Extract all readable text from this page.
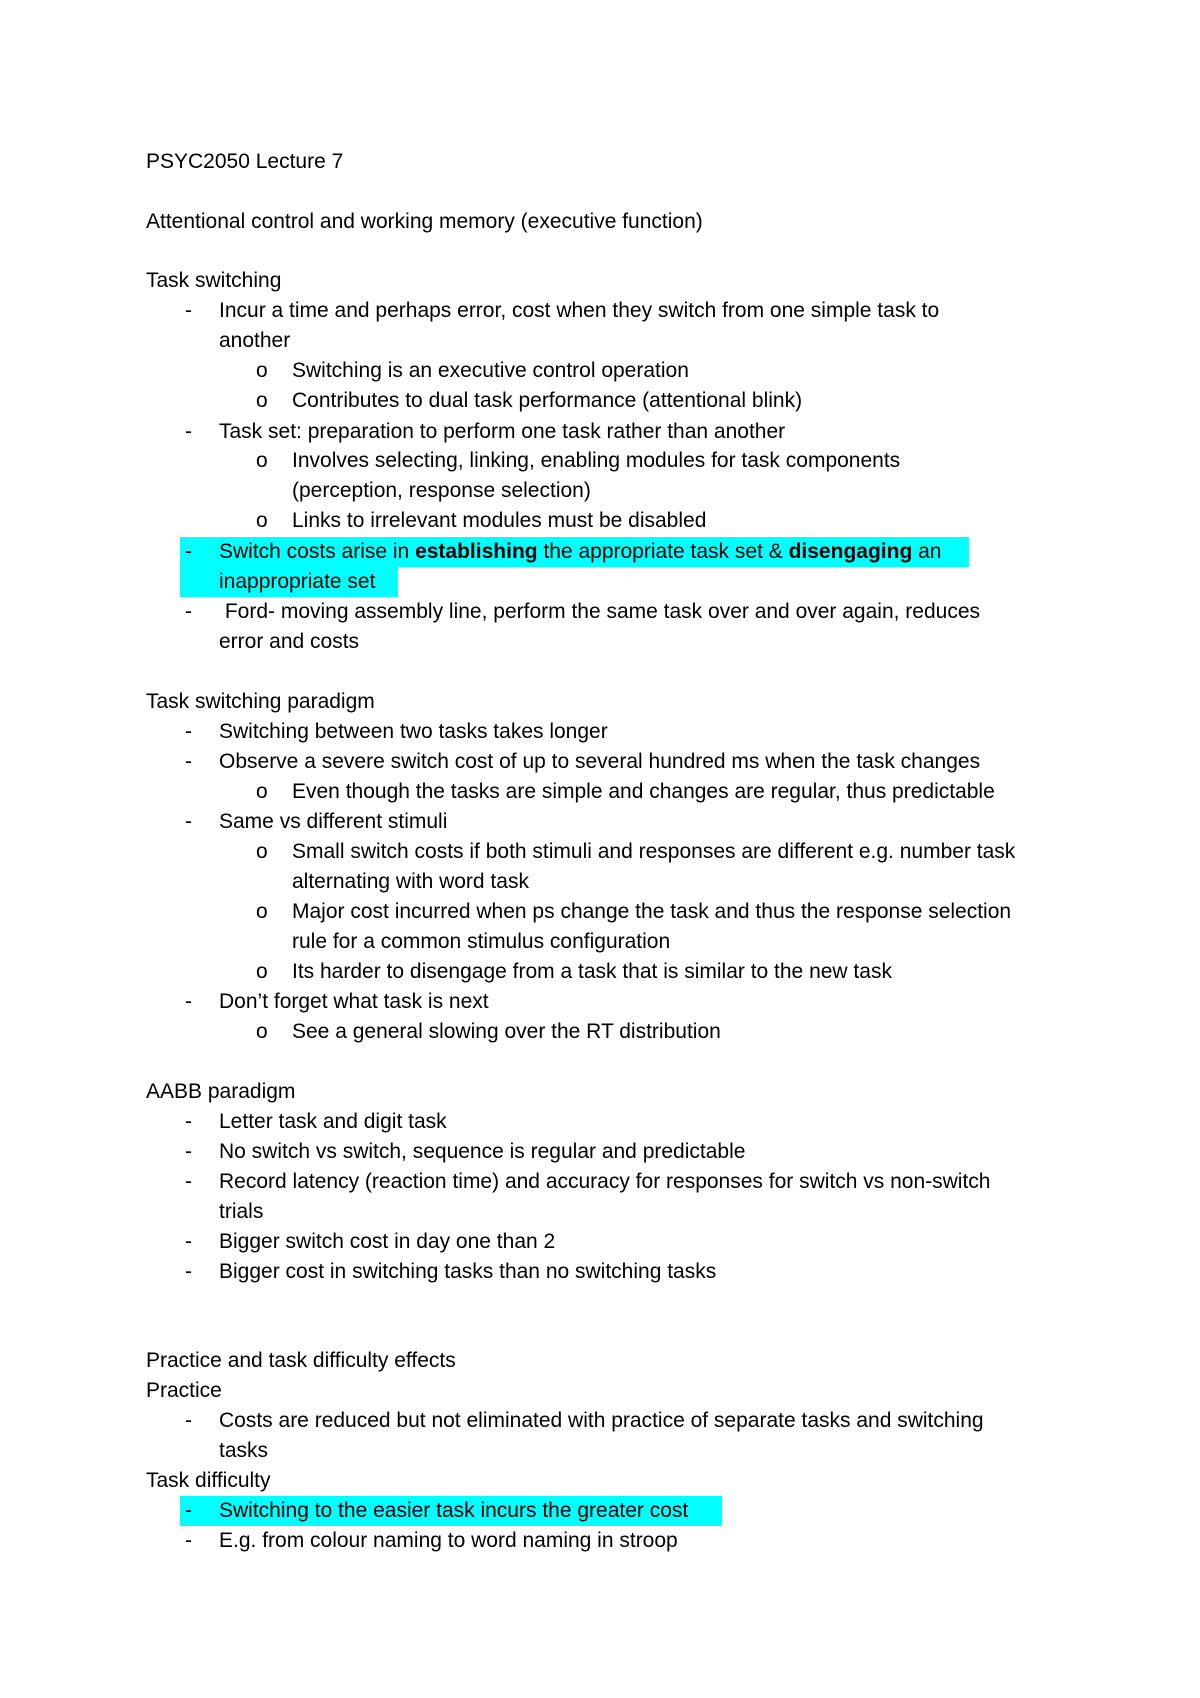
PSYC2050 Lecture 7
Attentional control and working memory (executive function)
Task switching
- Incur a time and perhaps error, cost when they switch from one simple task to
another
o Switching is an executive control operation
o Contributes to dual task performance (attentional blink)
- Task set: preparation to perform one task rather than another
o Involves selecting, linking, enabling modules for task components
(perception, response selection)
o Links to irrelevant modules must be disabled
- Switch costs arise in establishing the appropriate task set & disengaging an
inappropriate set
- Ford- moving assembly line, perform the same task over and over again, reduces
error and costs
Task switching paradigm
- Switching between two tasks takes longer
- Observe a severe switch cost of up to several hundred ms when the task changes
o Even though the tasks are simple and changes are regular, thus predictable
- Same vs different stimuli
o Small switch costs if both stimuli and responses are different e.g. number task
alternating with word task
o Major cost incurred when ps change the task and thus the response selection
rule for a common stimulus configuration
o Its harder to disengage from a task that is similar to the new task
- Don’t forget what task is next
o See a general slowing over the RT distribution
AABB paradigm
- Letter task and digit task
- No switch vs switch, sequence is regular and predictable
- Record latency (reaction time) and accuracy for responses for switch vs non-switch
trials
- Bigger switch cost in day one than 2
- Bigger cost in switching tasks than no switching tasks
Practice and task difficulty effects
Practice
- Costs are reduced but not eliminated with practice of separate tasks and switching
tasks
Task difficulty
- Switching to the easier task incurs the greater cost
- E.g. from colour naming to word naming in stroop
